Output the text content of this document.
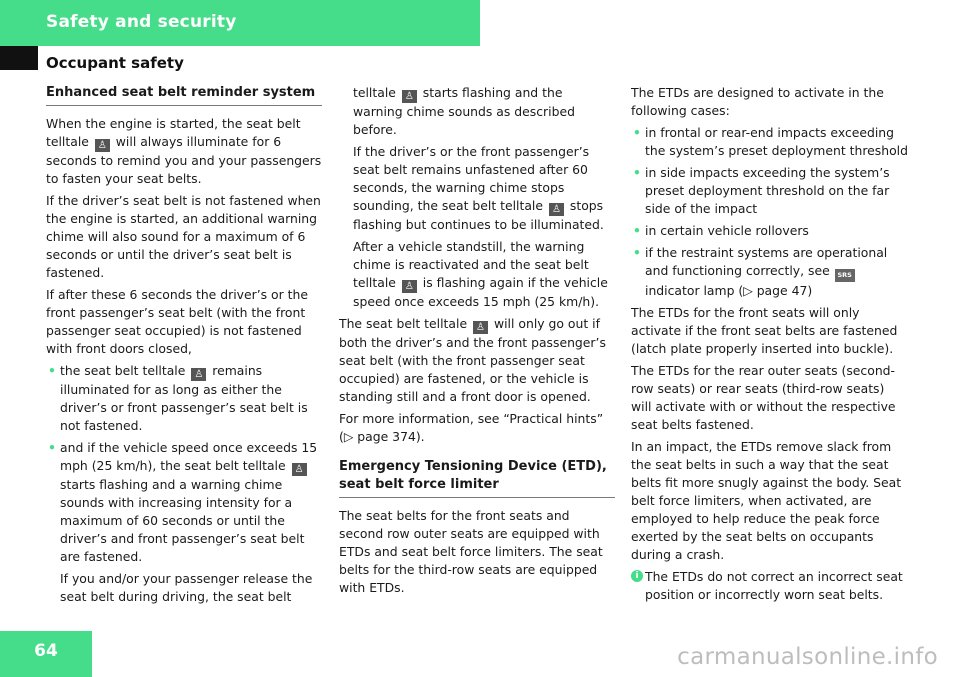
Safety and security
Occupant safety
Enhanced seat belt reminder system

When the engine is started, the seat belt telltale ♙ will always illuminate for 6 seconds to remind you and your passengers to fasten your seat belts.

If the driver’s seat belt is not fastened when the engine is started, an additional warning chime will also sound for a maximum of 6 seconds or until the driver’s seat belt is fastened.

If after these 6 seconds the driver’s or the front passenger’s seat belt (with the front passenger seat occupied) is not fastened with front doors closed,

• the seat belt telltale ♙ remains illuminated for as long as either the driver’s or front passenger’s seat belt is not fastened.
• and if the vehicle speed once exceeds 15 mph (25 km/h), the seat belt telltale ♙ starts flashing and a warning chime sounds with increasing intensity for a maximum of 60 seconds or until the driver’s and front passenger’s seat belt are fastened.

If you and/or your passenger release the seat belt during driving, the seat belt

telltale ♙ starts flashing and the warning chime sounds as described before.

If the driver’s or the front passenger’s seat belt remains unfastened after 60 seconds, the warning chime stops sounding, the seat belt telltale ♙ stops flashing but continues to be illuminated.

After a vehicle standstill, the warning chime is reactivated and the seat belt telltale ♙ is flashing again if the vehicle speed once exceeds 15 mph (25 km/h).

The seat belt telltale ♙ will only go out if both the driver’s and the front passenger’s seat belt (with the front passenger seat occupied) are fastened, or the vehicle is standing still and a front door is opened.

For more information, see “Practical hints” (▷ page 374).

Emergency Tensioning Device (ETD), seat belt force limiter

The seat belts for the front seats and second row outer seats are equipped with ETDs and seat belt force limiters. The seat belts for the third-row seats are equipped with ETDs.

The ETDs are designed to activate in the following cases:

• in frontal or rear-end impacts exceeding the system’s preset deployment threshold
• in side impacts exceeding the system’s preset deployment threshold on the far side of the impact
• in certain vehicle rollovers
• if the restraint systems are operational and functioning correctly, see SRS indicator lamp (▷ page 47)

The ETDs for the front seats will only activate if the front seat belts are fastened (latch plate properly inserted into buckle).

The ETDs for the rear outer seats (second-row seats) or rear seats (third-row seats) will activate with or without the respective seat belts fastened.

In an impact, the ETDs remove slack from the seat belts in such a way that the seat belts fit more snugly against the body. Seat belt force limiters, when activated, are employed to help reduce the peak force exerted by the seat belts on occupants during a crash.

i The ETDs do not correct an incorrect seat position or incorrectly worn seat belts.
64	carmanualsonline.info
